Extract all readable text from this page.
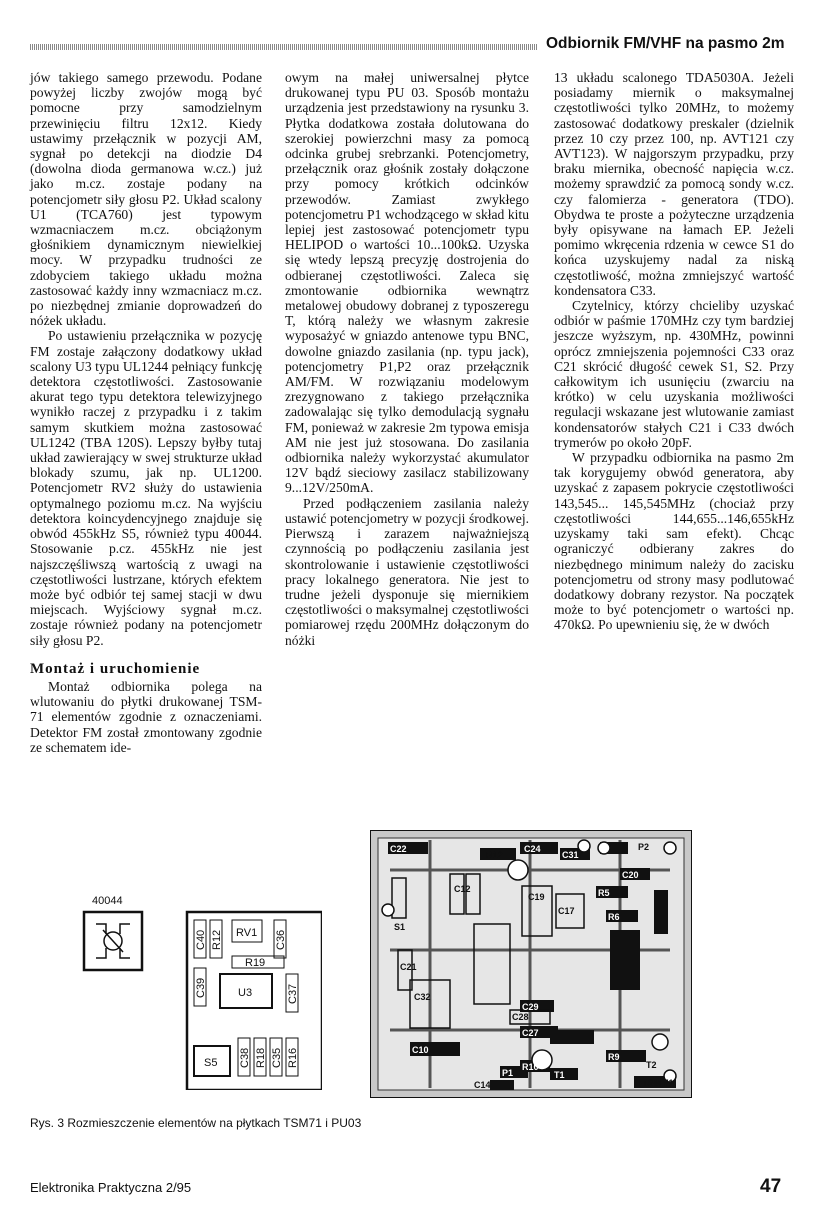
Odbiornik FM/VHF na pasmo 2m

jów takiego samego przewodu. Podane powyżej liczby zwojów mogą być pomocne przy samodzielnym przewinięciu filtru 12x12. Kiedy ustawimy przełącznik w pozycji AM, sygnał po detekcji na diodzie D4 (dowolna dioda germanowa w.cz.) już jako m.cz. zostaje podany na potencjometr siły głosu P2. Układ scalony U1 (TCA760) jest typowym wzmacniaczem m.cz. obciążonym głośnikiem dynamicznym niewielkiej mocy. W przypadku trudności ze zdobyciem takiego układu można zastosować każdy inny wzmacniacz m.cz. po niezbędnej zmianie doprowadzeń do nóżek układu.

Po ustawieniu przełącznika w pozycję FM zostaje załączony dodatkowy układ scalony U3 typu UL1244 pełniący funkcję detektora częstotliwości. Zastosowanie akurat tego typu detektora telewizyjnego wynikło raczej z przypadku i z takim samym skutkiem można zastosować UL1242 (TBA 120S). Lepszy byłby tutaj układ zawierający w swej strukturze układ blokady szumu, jak np. UL1200. Potencjometr RV2 służy do ustawienia optymalnego poziomu m.cz. Na wyjściu detektora koincydencyjnego znajduje się obwód 455kHz S5, również typu 40044. Stosowanie p.cz. 455kHz nie jest najszczęśliwszą wartością z uwagi na częstotliwości lustrzane, których efektem może być odbiór tej samej stacji w dwu miejscach. Wyjściowy sygnał m.cz. zostaje również podany na potencjometr siły głosu P2.

Montaż i uruchomienie

Montaż odbiornika polega na wlutowaniu do płytki drukowanej TSM-71 elementów zgodnie z oznaczeniami. Detektor FM został zmontowany zgodnie ze schematem ide-

owym na małej uniwersalnej płytce drukowanej typu PU 03. Sposób montażu urządzenia jest przedstawiony na rysunku 3. Płytka dodatkowa została dolutowana do szerokiej powierzchni masy za pomocą odcinka grubej srebrzanki. Potencjometry, przełącznik oraz głośnik zostały dołączone przy pomocy krótkich odcinków przewodów. Zamiast zwykłego potencjometru P1 wchodzącego w skład kitu lepiej jest zastosować potencjometr typu HELIPOD o wartości 10...100kΩ. Uzyska się wtedy lepszą precyzję dostrojenia do odbieranej częstotliwości. Zaleca się zmontowanie odbiornika wewnątrz metalowej obudowy dobranej z typoszeregu T, którą należy we własnym zakresie wyposażyć w gniazdo antenowe typu BNC, dowolne gniazdo zasilania (np. typu jack), potencjometry P1,P2 oraz przełącznik AM/FM. W rozwiązaniu modelowym zrezygnowano z takiego przełącznika zadowalając się tylko demodulacją sygnału FM, ponieważ w zakresie 2m typowa emisja AM nie jest już stosowana. Do zasilania odbiornika należy wykorzystać akumulator 12V bądź sieciowy zasilacz stabilizowany 9...12V/250mA.

Przed podłączeniem zasilania należy ustawić potencjometry w pozycji środkowej. Pierwszą i zarazem najważniejszą czynnością po podłączeniu zasilania jest skontrolowanie i ustawienie częstotliwości pracy lokalnego generatora. Nie jest to trudne jeżeli dysponuje się miernikiem częstotliwości o maksymalnej częstotliwości pomiarowej rzędu 200MHz dołączonym do nóżki

13 układu scalonego TDA5030A. Jeżeli posiadamy miernik o maksymalnej częstotliwości tylko 20MHz, to możemy zastosować dodatkowy preskaler (dzielnik przez 10 czy przez 100, np. AVT121 czy AVT123). W najgorszym przypadku, przy braku miernika, obecność napięcia w.cz. możemy sprawdzić za pomocą sondy w.cz. czy falomierza - generatora (TDO). Obydwa te proste a pożyteczne urządzenia były opisywane na łamach EP. Jeżeli pomimo wkręcenia rdzenia w cewce S1 do końca uzyskujemy nadal za niską częstotliwość, można zmniejszyć wartość kondensatora C33.

Czytelnicy, którzy chcieliby uzyskać odbiór w paśmie 170MHz czy tym bardziej jeszcze wyższym, np. 430MHz, powinni oprócz zmniejszenia pojemności C33 oraz C21 skrócić długość cewek S1, S2. Przy całkowitym ich usunięciu (zwarciu na krótko) w celu uzyskania możliwości regulacji wskazane jest wlutowanie zamiast kondensatorów stałych C21 i C33 dwóch trymerów po około 20pF.

W przypadku odbiornika na pasmo 2m tak korygujemy obwód generatora, aby uzyskać z zapasem pokrycie częstotliwości 143,545... 145,545MHz (chociaż przy częstotliwości 144,655...146,655kHz uzyskamy taki sam efekt). Chcąc ograniczyć odbierany zakres do niezbędnego minimum należy do zacisku potencjometru od strony masy podlutować dodatkowy dobrany rezystor. Na początek może to być potencjometr o wartości np. 470kΩ. Po upewnieniu się, że w dwóch

40044
C40 R12 RV1 C36
R19
C39	U3	C37
S5 C38 R18 C35 R16
C22	C24
C31
C20
R5
R6
C29
C27
C10
R10
R9
P1	T1
R12
P2
C12
C19
C17
C32
C21
C28
C14	TSM 71
T2
S1
Rys. 3 Rozmieszczenie elementów na płytkach TSM71 i PU03
Elektronika Praktyczna 2/95	47
